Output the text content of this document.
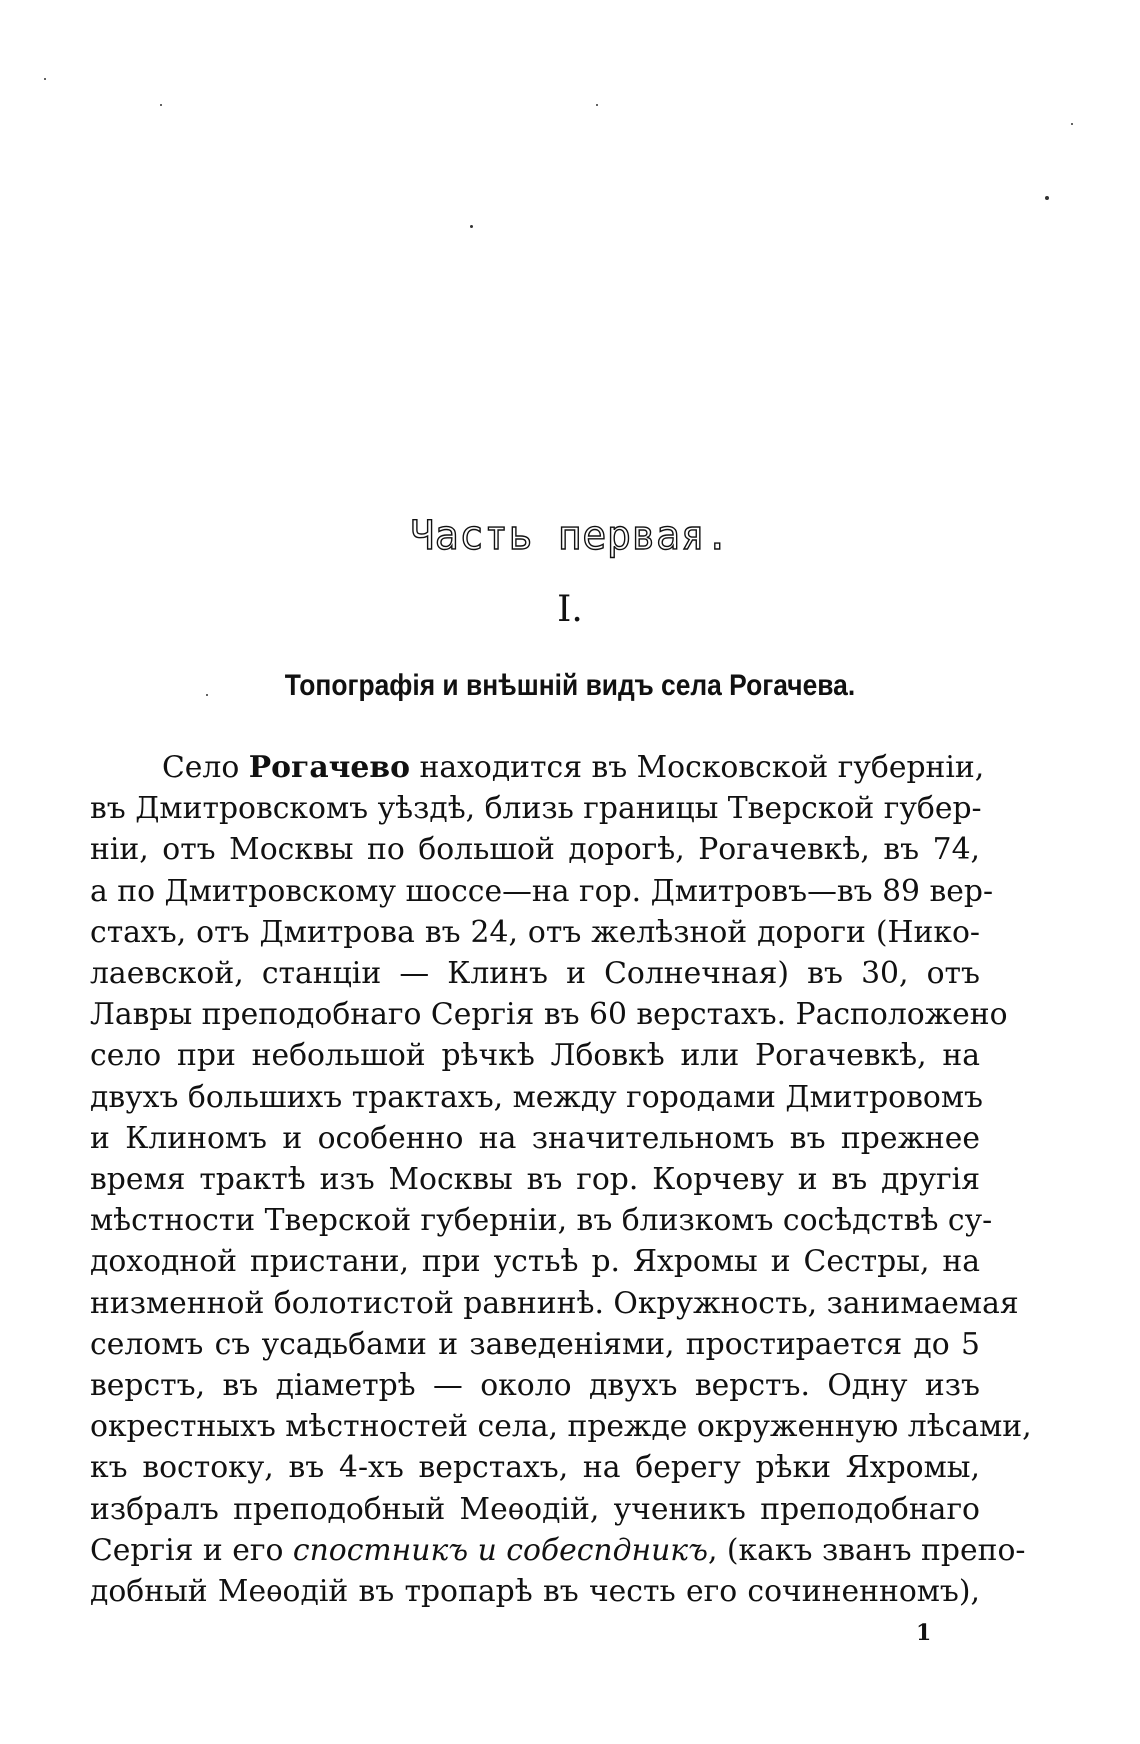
Часть первая.
I.
Топографія и внѣшній видъ села Рогачева.
Село Рогачево находится въ Московской губерніи,
въ Дмитровскомъ уѣздѣ, близь границы Тверской губер-
ніи, отъ Москвы по большой дорогѣ, Рогачевкѣ, въ 74,
а по Дмитровскому шоссе—на гор. Дмитровъ—въ 89 вер-
стахъ, отъ Дмитрова въ 24, отъ желѣзной дороги (Нико-
лаевской, станціи — Клинъ и Солнечная) въ 30, отъ
Лавры преподобнаго Сергія въ 60 верстахъ. Расположено
село при небольшой рѣчкѣ Лбовкѣ или Рогачевкѣ, на
двухъ большихъ трактахъ, между городами Дмитровомъ
и Клиномъ и особенно на значительномъ въ прежнее
время трактѣ изъ Москвы въ гор. Корчеву и въ другія
мѣстности Тверской губерніи, въ близкомъ сосѣдствѣ су-
доходной пристани, при устьѣ р. Яхромы и Сестры, на
низменной болотистой равнинѣ. Окружность, занимаемая
селомъ съ усадьбами и заведеніями, простирается до 5
верстъ, въ діаметрѣ — около двухъ верстъ. Одну изъ
окрестныхъ мѣстностей села, прежде окруженную лѣсами,
къ востоку, въ 4-хъ верстахъ, на берегу рѣки Яхромы,
избралъ преподобный Меѳодій, ученикъ преподобнаго
Сергія и его спостникъ и собеспдникъ, (какъ званъ препо-
добный Меѳодій въ тропарѣ въ честь его сочиненномъ),
1
